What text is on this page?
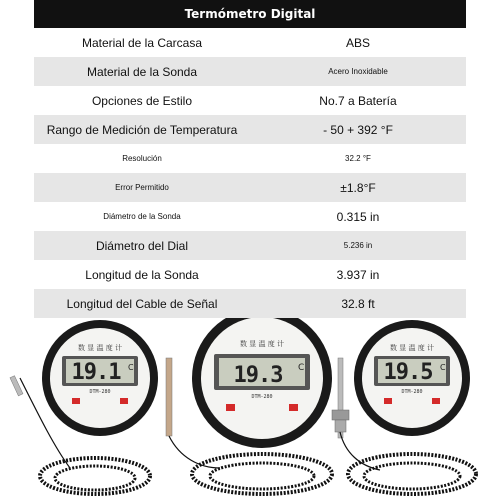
Termómetro Digital
Material de la Carcasa	ABS
Material de la Sonda	Acero Inoxidable
Opciones de Estilo	No.7 a Batería
Rango de Medición de Temperatura	- 50 + 392 °F
Resolución	32.2 °F
Error Permitido	±1.8°F
Diámetro de la Sonda	0.315 in
Diámetro del Dial	5.236 in
Longitud de la Sonda	3.937 in
Longitud del Cable de Señal	32.8 ft
数 显 温 度 计
19.1 C
DTM-280
数 显 温 度 计
19.3 C
DTM-280
数 显 温 度 计
19.5 C
DTM-280
